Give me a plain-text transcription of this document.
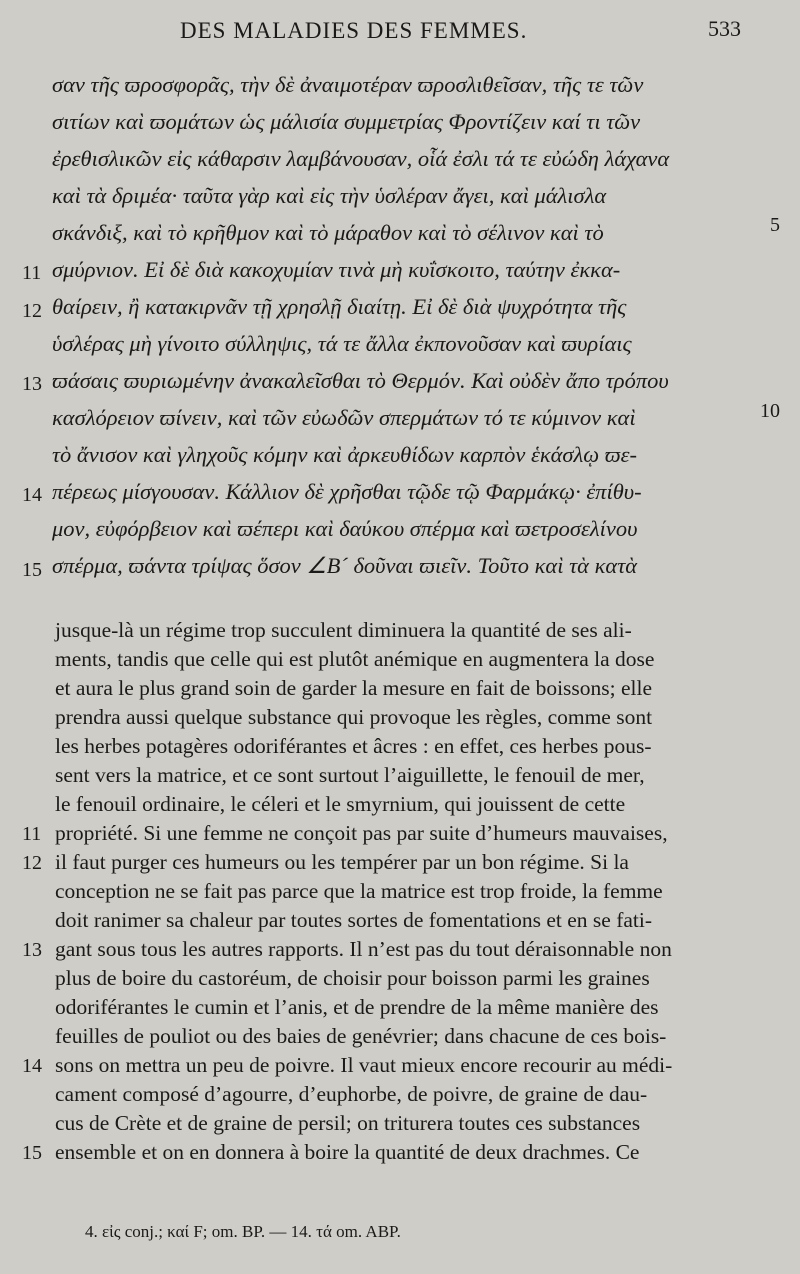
DES MALADIES DES FEMMES.	533
σαν τῆς ϖροσφορᾶς, τὴν δὲ ἀναιμοτέραν ϖροσλιθεῖσαν, τῆς τε τῶν
σιτίων καὶ ϖομάτων ὡς μάλισία συμμετρίας Φροντίζειν καί τι τῶν
ἐρεθισλικῶν εἰς κάθαρσιν λαμβάνουσαν, οἷά ἐσλι τά τε εὐώδη λάχανα
καὶ τὰ δριμέα· ταῦτα γὰρ καὶ εἰς τὴν ὑσλέραν ἄγει, καὶ μάλισλα
σκάνδιξ, καὶ τὸ κρῆθμον καὶ τὸ μάραθον καὶ τὸ σέλινον καὶ τὸ
σμύρνιον. Εἰ δὲ διὰ κακοχυμίαν τινὰ μὴ κυΐσκοιτο, ταύτην ἐκκα-
θαίρειν, ἢ κατακιρνᾶν τῇ χρησλῇ διαίτῃ. Εἰ δὲ διὰ ψυχρότητα τῆς
ὑσλέρας μὴ γίνοιτο σύλληψις, τά τε ἄλλα ἐκπονοῦσαν καὶ ϖυρίαις
ϖάσαις ϖυριωμένην ἀνακαλεῖσθαι τὸ Θερμόν. Καὶ οὐδὲν ἄπο τρόπου
κασλόρειον ϖίνειν, καὶ τῶν εὐωδῶν σπερμάτων τό τε κύμινον καὶ
τὸ ἄνισον καὶ γληχοῦς κόμην καὶ ἀρκευθίδων καρπὸν ἑκάσλῳ ϖε-
πέρεως μίσγουσαν. Κάλλιον δὲ χρῆσθαι τῷδε τῷ Φαρμάκῳ· ἐπίθυ-
μον, εὐφόρβειον καὶ ϖέπερι καὶ δαύκου σπέρμα καὶ ϖετροσελίνου
σπέρμα, ϖάντα τρίψας ὅσον ∠Β´ δοῦναι ϖιεῖν. Τοῦτο καὶ τὰ κατὰ
11
12
13
14
15
5
10
jusque-là un régime trop succulent diminuera la quantité de ses ali-
ments, tandis que celle qui est plutôt anémique en augmentera la dose
et aura le plus grand soin de garder la mesure en fait de boissons; elle
prendra aussi quelque substance qui provoque les règles, comme sont
les herbes potagères odoriférantes et âcres : en effet, ces herbes pous-
sent vers la matrice, et ce sont surtout l’aiguillette, le fenouil de mer,
le fenouil ordinaire, le céleri et le smyrnium, qui jouissent de cette
propriété. Si une femme ne conçoit pas par suite d’humeurs mauvaises,
il faut purger ces humeurs ou les tempérer par un bon régime. Si la
conception ne se fait pas parce que la matrice est trop froide, la femme
doit ranimer sa chaleur par toutes sortes de fomentations et en se fati-
gant sous tous les autres rapports. Il n’est pas du tout déraisonnable non
plus de boire du castoréum, de choisir pour boisson parmi les graines
odoriférantes le cumin et l’anis, et de prendre de la même manière des
feuilles de pouliot ou des baies de genévrier; dans chacune de ces bois-
sons on mettra un peu de poivre. Il vaut mieux encore recourir au médi-
cament composé d’agourre, d’euphorbe, de poivre, de graine de dau-
cus de Crète et de graine de persil; on triturera toutes ces substances
ensemble et on en donnera à boire la quantité de deux drachmes. Ce
11
12
13
14
15
4. εἰς conj.; καί F; om. BP. — 14. τά om. ABP.
